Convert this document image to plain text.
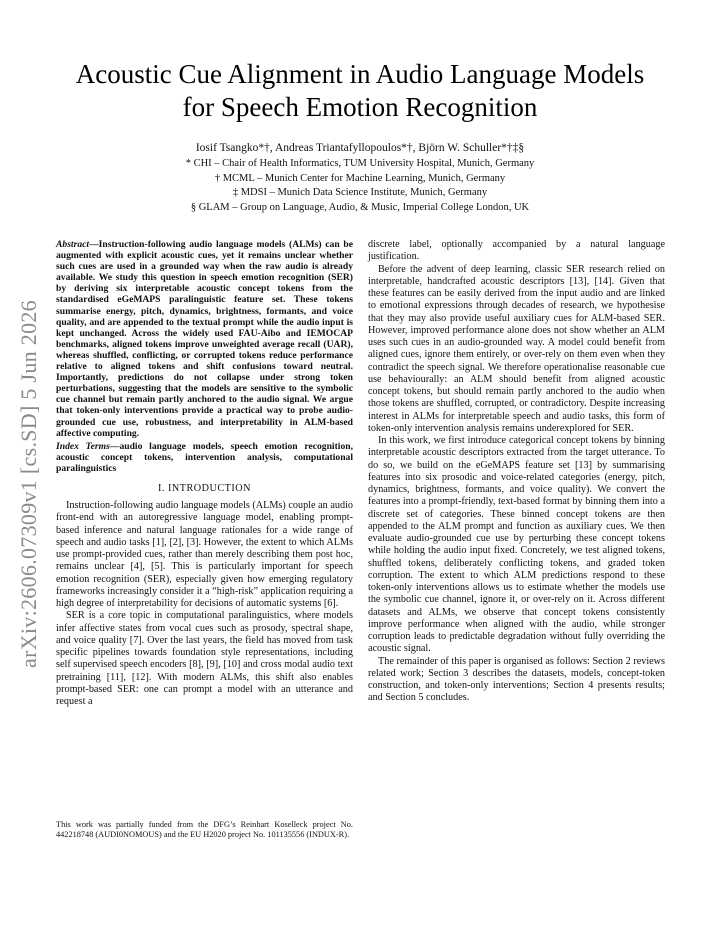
arXiv:2606.07309v1 [cs.SD] 5 Jun 2026
Acoustic Cue Alignment in Audio Language Models
for Speech Emotion Recognition
Iosif Tsangko*†, Andreas Triantafyllopoulos*†, Björn W. Schuller*†‡§
* CHI – Chair of Health Informatics, TUM University Hospital, Munich, Germany
† MCML – Munich Center for Machine Learning, Munich, Germany
‡ MDSI – Munich Data Science Institute, Munich, Germany
§ GLAM – Group on Language, Audio, & Music, Imperial College London, UK
Abstract—Instruction-following audio language models (ALMs) can be augmented with explicit acoustic cues, yet it remains unclear whether such cues are used in a grounded way when the raw audio is already available. We study this question in speech emotion recognition (SER) by deriving six interpretable acoustic concept tokens from the standardised eGeMAPS paralinguistic feature set. These tokens summarise energy, pitch, dynamics, brightness, formants, and voice quality, and are appended to the textual prompt while the audio input is kept unchanged. Across the widely used FAU-Aibo and IEMOCAP benchmarks, aligned tokens improve unweighted average recall (UAR), whereas shuffled, conflicting, or corrupted tokens reduce performance relative to aligned tokens and shift confusions toward neutral. Importantly, predictions do not collapse under strong token perturbations, suggesting that the models are sensitive to the symbolic cue channel but remain partly anchored to the audio signal. We argue that token-only interventions provide a practical way to probe audio-grounded cue use, robustness, and interpretability in ALM-based affective computing.
Index Terms—audio language models, speech emotion recognition, acoustic concept tokens, intervention analysis, computational paralinguistics
I. INTRODUCTION

Instruction-following audio language models (ALMs) couple an audio front-end with an autoregressive language model, enabling prompt-based inference and natural language rationales for a wide range of speech and audio tasks [1], [2], [3]. However, the extent to which ALMs use prompt-provided cues, rather than merely describing them post hoc, remains unclear [4], [5]. This is particularly important for speech emotion recognition (SER), especially given how emerging regulatory frameworks increasingly consider it a “high-risk” application requiring a high degree of interpretability for decisions of automatic systems [6].

SER is a core topic in computational paralinguistics, where models infer affective states from vocal cues such as prosody, spectral shape, and voice quality [7]. Over the last years, the field has moved from task specific pipelines towards foundation style representations, including self supervised speech encoders [8], [9], [10] and cross modal audio text pretraining [11], [12]. With modern ALMs, this shift also enables prompt-based SER: one can prompt a model with an utterance and request a

This work was partially funded from the DFG’s Reinhart Koselleck project No. 442218748 (AUDI0NOMOUS) and the EU H2020 project No. 101135556 (INDUX-R).

discrete label, optionally accompanied by a natural language justification.

Before the advent of deep learning, classic SER research relied on interpretable, handcrafted acoustic descriptors [13], [14]. Given that these features can be easily derived from the input audio and are linked to emotional expressions through decades of research, we hypothesise that they may also provide useful auxiliary cues for ALM-based SER. However, improved performance alone does not show whether an ALM uses such cues in an audio-grounded way. A model could benefit from aligned cues, ignore them entirely, or over-rely on them even when they contradict the speech signal. We therefore operationalise reasonable cue use behaviourally: an ALM should benefit from aligned acoustic concept tokens, but should remain partly anchored to the audio when those tokens are shuffled, corrupted, or contradictory. Despite increasing interest in ALMs for interpretable speech and audio tasks, this form of token-only intervention analysis remains underexplored for SER.

In this work, we first introduce categorical concept tokens by binning interpretable acoustic descriptors extracted from the target utterance. To do so, we build on the eGeMAPS feature set [13] by summarising features into six prosodic and voice-related categories (energy, pitch, dynamics, brightness, formants, and voice quality). We convert the features into a prompt-friendly, text-based format by binning them into a discrete set of categories. These binned concept tokens are then appended to the ALM prompt and function as auxiliary cues. We then evaluate audio-grounded cue use by perturbing these concept tokens while holding the audio input fixed. Concretely, we test aligned tokens, shuffled tokens, deliberately conflicting tokens, and graded token corruption. The extent to which ALM predictions respond to these token-only interventions allows us to estimate whether the models use the symbolic cue channel, ignore it, or over-rely on it. Across different datasets and ALMs, we observe that concept tokens consistently improve performance when aligned with the audio, while stronger corruption leads to predictable degradation without fully overriding the acoustic signal.

The remainder of this paper is organised as follows: Section 2 reviews related work; Section 3 describes the datasets, models, concept-token construction, and token-only interventions; Section 4 presents results; and Section 5 concludes.
